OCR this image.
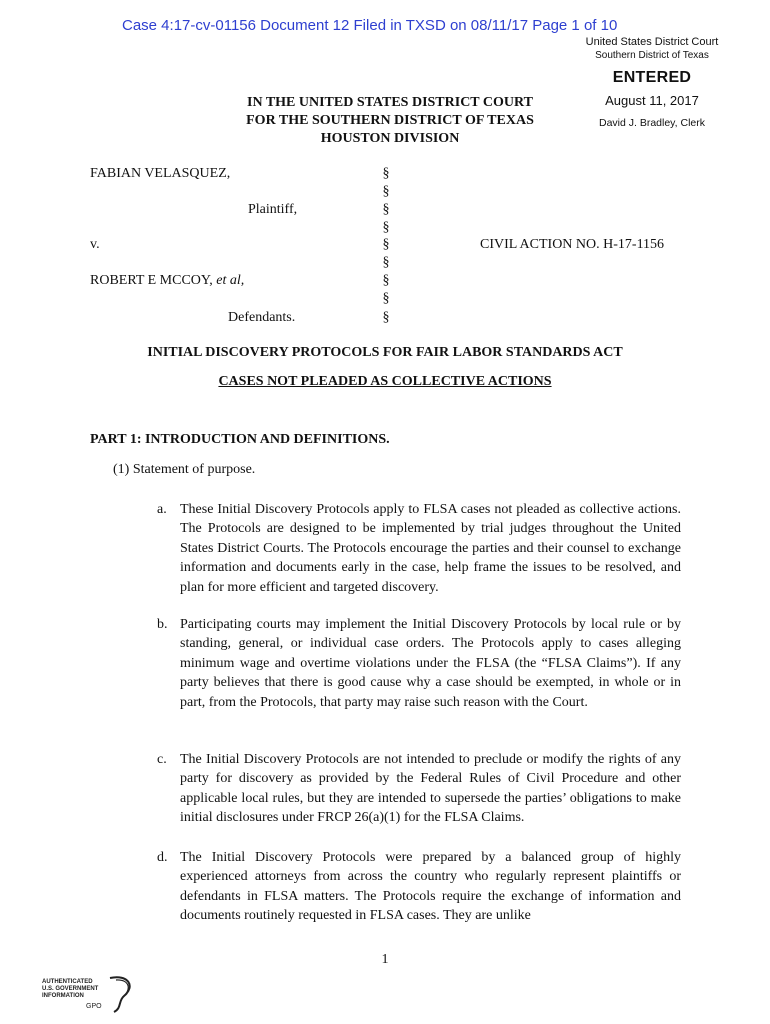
Case 4:17-cv-01156 Document 12 Filed in TXSD on 08/11/17 Page 1 of 10
United States District Court
Southern District of Texas
ENTERED
August 11, 2017
David J. Bradley, Clerk
IN THE UNITED STATES DISTRICT COURT
FOR THE SOUTHERN DISTRICT OF TEXAS
HOUSTON DIVISION
FABIAN VELASQUEZ,
Plaintiff,
v.
ROBERT E MCCOY, et al,
Defendants.
CIVIL ACTION NO. H-17-1156
§
§
§
§
§
§
§
§
§
INITIAL DISCOVERY PROTOCOLS FOR FAIR LABOR STANDARDS ACT
CASES NOT PLEADED AS COLLECTIVE ACTIONS
PART 1: INTRODUCTION AND DEFINITIONS.
(1) Statement of purpose.
a. These Initial Discovery Protocols apply to FLSA cases not pleaded as collective actions. The Protocols are designed to be implemented by trial judges throughout the United States District Courts. The Protocols encourage the parties and their counsel to exchange information and documents early in the case, help frame the issues to be resolved, and plan for more efficient and targeted discovery.
b. Participating courts may implement the Initial Discovery Protocols by local rule or by standing, general, or individual case orders. The Protocols apply to cases alleging minimum wage and overtime violations under the FLSA (the “FLSA Claims”). If any party believes that there is good cause why a case should be exempted, in whole or in part, from the Protocols, that party may raise such reason with the Court.
c. The Initial Discovery Protocols are not intended to preclude or modify the rights of any party for discovery as provided by the Federal Rules of Civil Procedure and other applicable local rules, but they are intended to supersede the parties’ obligations to make initial disclosures under FRCP 26(a)(1) for the FLSA Claims.
d. The Initial Discovery Protocols were prepared by a balanced group of highly experienced attorneys from across the country who regularly represent plaintiffs or defendants in FLSA matters. The Protocols require the exchange of information and documents routinely requested in FLSA cases. They are unlike
1
AUTHENTICATED
U.S. GOVERNMENT
INFORMATION
GPO
